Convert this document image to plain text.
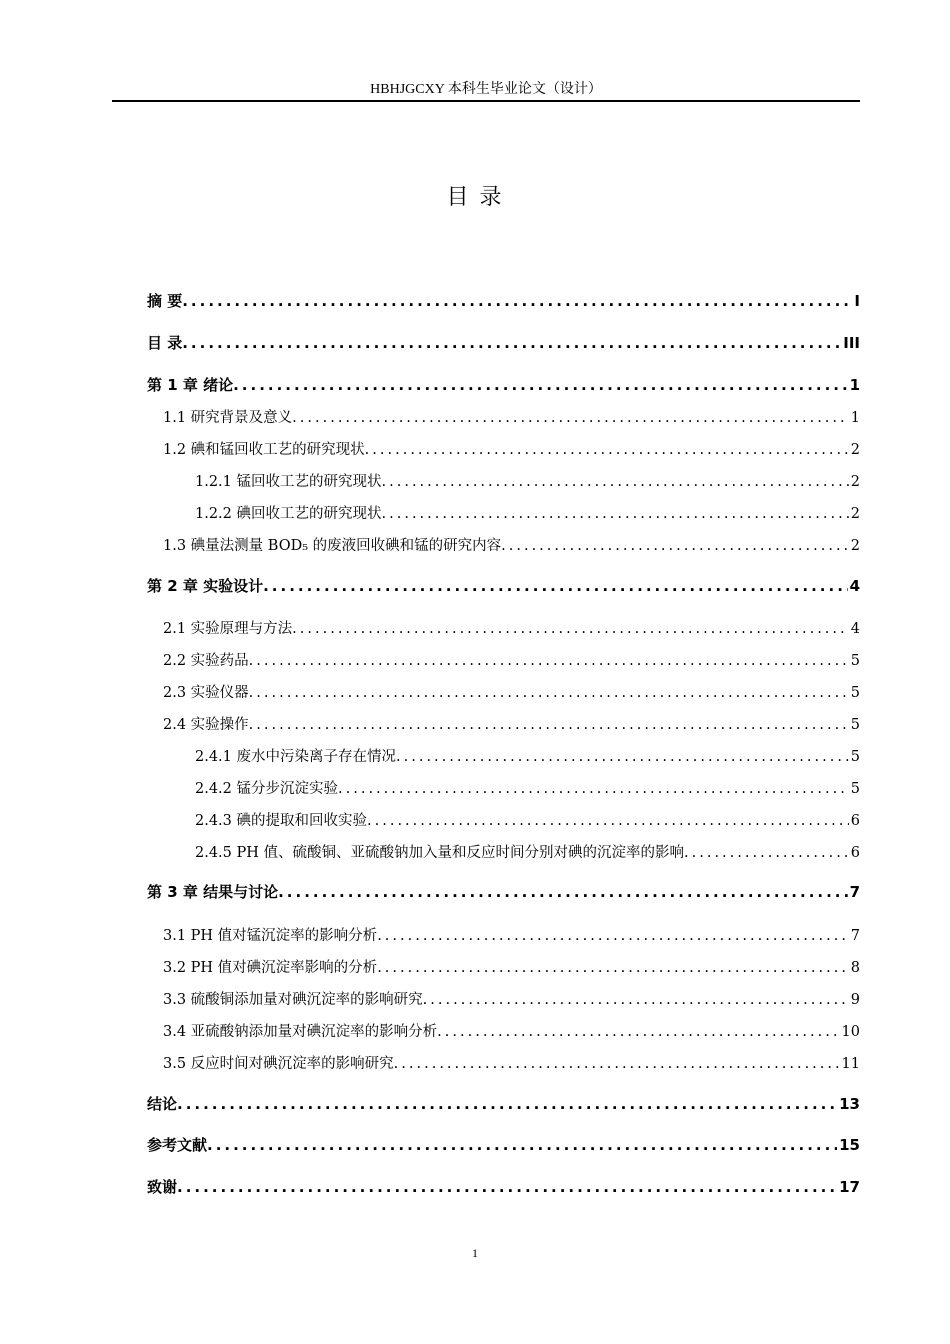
HBHJGCXY 本科生毕业论文（设计）
目 录
摘 要 .....	I
目 录 .....	III
第 1 章 绪论 .....	1
1.1 研究背景及意义 .....	1
1.2 碘和锰回收工艺的研究现状 .....	2
1.2.1 锰回收工艺的研究现状 .....	2
1.2.2 碘回收工艺的研究现状 .....	2
1.3 碘量法测量 BOD₅ 的废液回收碘和锰的研究内容 .....	2
第 2 章 实验设计 .....	4
2.1 实验原理与方法 .....	4
2.2 实验药品 .....	5
2.3 实验仪器 .....	5
2.4 实验操作 .....	5
2.4.1 废水中污染离子存在情况 .....	5
2.4.2 锰分步沉淀实验 .....	5
2.4.3 碘的提取和回收实验 .....	6
2.4.5 PH 值、硫酸铜、亚硫酸钠加入量和反应时间分别对碘的沉淀率的影响 .....	6
第 3 章 结果与讨论 .....	7
3.1 PH 值对锰沉淀率的影响分析 .....	7
3.2 PH 值对碘沉淀率影响的分析 .....	8
3.3 硫酸铜添加量对碘沉淀率的影响研究 .....	9
3.4 亚硫酸钠添加量对碘沉淀率的影响分析 .....	10
3.5 反应时间对碘沉淀率的影响研究 .....	11
结论 .....	13
参考文献 .....	15
致谢 .....	17
1
